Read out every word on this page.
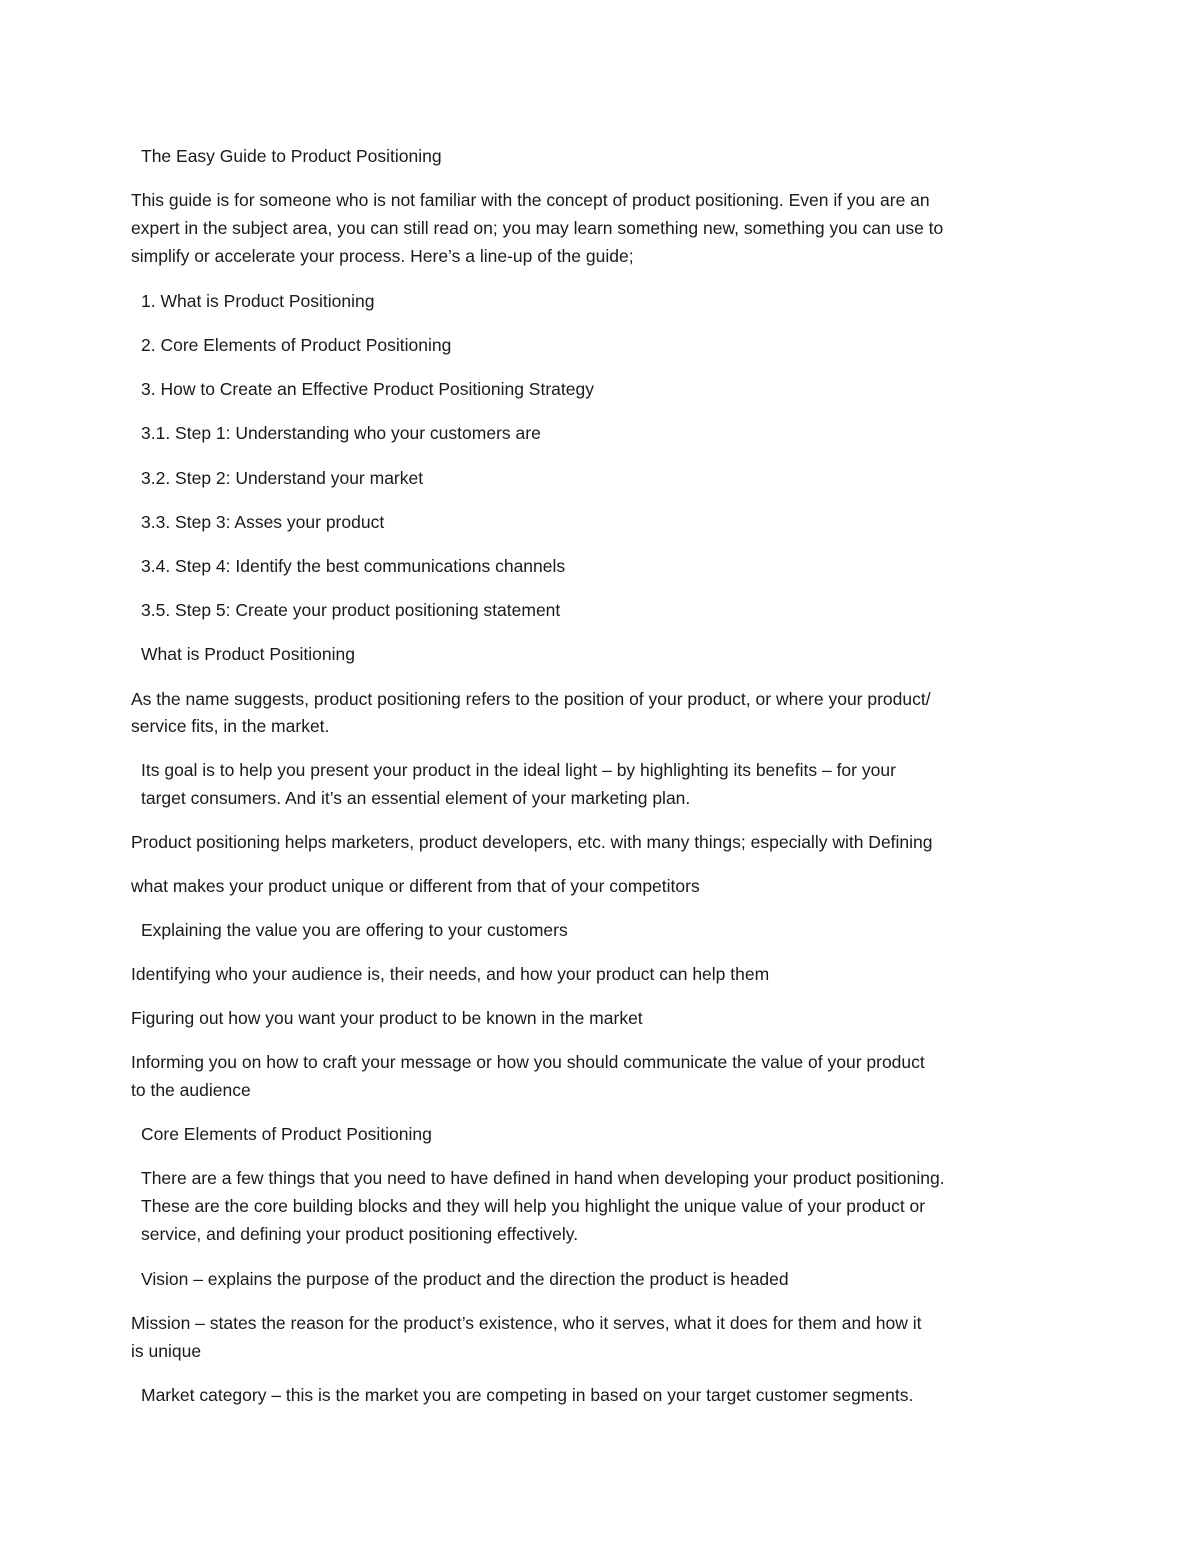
The Easy Guide to Product Positioning

This guide is for someone who is not familiar with the concept of product positioning. Even if you are an

expert in the subject area, you can still read on; you may learn something new, something you can use to

simplify or accelerate your process. Here’s a line-up of the guide;

1. What is Product Positioning

2. Core Elements of Product Positioning

3. How to Create an Effective Product Positioning Strategy

3.1. Step 1: Understanding who your customers are

3.2. Step 2: Understand your market

3.3. Step 3: Asses your product

3.4. Step 4: Identify the best communications channels

3.5. Step 5: Create your product positioning statement

What is Product Positioning

As the name suggests, product positioning refers to the position of your product, or where your product/

service fits, in the market.

Its goal is to help you present your product in the ideal light – by highlighting its benefits – for your

target consumers. And it’s an essential element of your marketing plan.

Product positioning helps marketers, product developers, etc. with many things; especially with Defining

what makes your product unique or different from that of your competitors

Explaining the value you are offering to your customers

Identifying who your audience is, their needs, and how your product can help them

Figuring out how you want your product to be known in the market

Informing you on how to craft your message or how you should communicate the value of your product

to the audience

Core Elements of Product Positioning

There are a few things that you need to have defined in hand when developing your product positioning.

These are the core building blocks and they will help you highlight the unique value of your product or

service, and defining your product positioning effectively.

Vision – explains the purpose of the product and the direction the product is headed

Mission – states the reason for the product’s existence, who it serves, what it does for them and how it

is unique

Market category – this is the market you are competing in based on your target customer segments.
